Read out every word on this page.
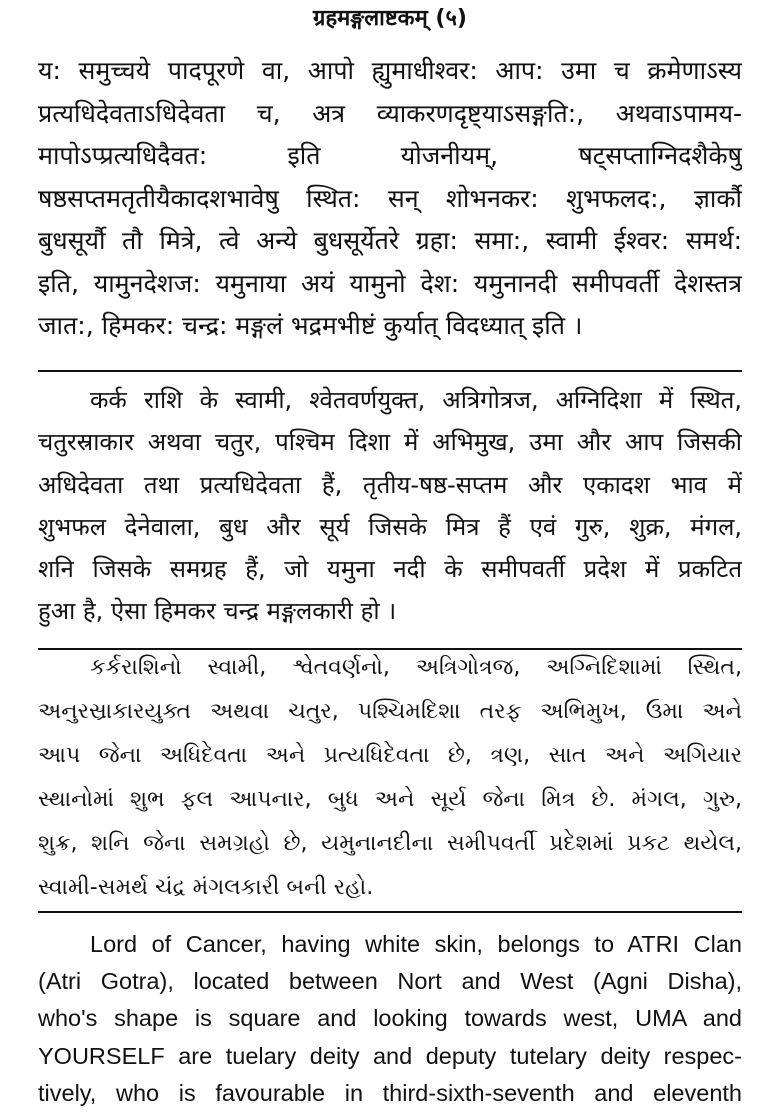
ग्रहमङ्गलाष्टकम् (५)
य: समुच्चये पादपूरणे वा, आपो ह्युमाधीश्वर: आप: उमा च क्रमेणाऽस्य
प्रत्यधिदेवताऽधिदेवता च, अत्र व्याकरणदृष्ट्याऽसङ्गति:, अथवाऽपामय-
मापोऽप्प्रत्यधिदैवत: इति योजनीयम्, षट्सप्ताग्निदशैकेषु
षष्ठसप्तमतृतीयैकादशभावेषु स्थित: सन् शोभनकर: शुभफलद:, ज्ञार्कौ
बुधसूर्यौ तौ मित्रे, त्वे अन्ये बुधसूर्येतरे ग्रहा: समा:, स्वामी ईश्वर: समर्थ:
इति, यामुनदेशज: यमुनाया अयं यामुनो देश: यमुनानदी समीपवर्ती देशस्तत्र
जात:, हिमकर: चन्द्र: मङ्गलं भद्रमभीष्टं कुर्यात् विदध्यात् इति ।
कर्क राशि के स्वामी, श्वेतवर्णयुक्त, अत्रिगोत्रज, अग्निदिशा में स्थित,
चतुरस्राकार अथवा चतुर, पश्चिम दिशा में अभिमुख, उमा और आप जिसकी
अधिदेवता तथा प्रत्यधिदेवता हैं, तृतीय-षष्ठ-सप्तम और एकादश भाव में
शुभफल देनेवाला, बुध और सूर्य जिसके मित्र हैं एवं गुरु, शुक्र, मंगल,
शनि जिसके समग्रह हैं, जो यमुना नदी के समीपवर्ती प्रदेश में प्रकटित
हुआ है, ऐसा हिमकर चन्द्र मङ्गलकारी हो ।
કર્કરાશિનો સ્વામી, શ્વેતવર્ણનો, અત્રિગોત્રજ, અગ્નિદિશામાં સ્થિત,
અનુરસ્રાકારયુક્ત અથવા ચતુર, પશ્ચિમદિશા તરફ અભિમુખ, ઉમા અને
આપ જેના અધિદેવતા અને પ્રત્યધિદેવતા છે, ત્રણ, સાત અને અગિયાર
સ્થાનોમાં શુભ ફલ આપનાર, બુધ અને સૂર્ય જેના મિત્ર છે. મંગલ, ગુરુ,
શુક્ર, શનિ જેના સમગ્રહો છે, યમુનાનદીના સમીપવર્તી પ્રદેશમાં પ્રકટ થયેલ,
સ્વામી-સમર્થ ચંદ્ર મંગલકારી બની રહો.
Lord of Cancer, having white skin, belongs to ATRI Clan
(Atri Gotra), located between Nort and West (Agni Disha),
who's shape is square and looking towards west, UMA and
YOURSELF are tuelary deity and deputy tutelary deity respec-
tively, who is favourable in third-sixth-seventh and eleventh
